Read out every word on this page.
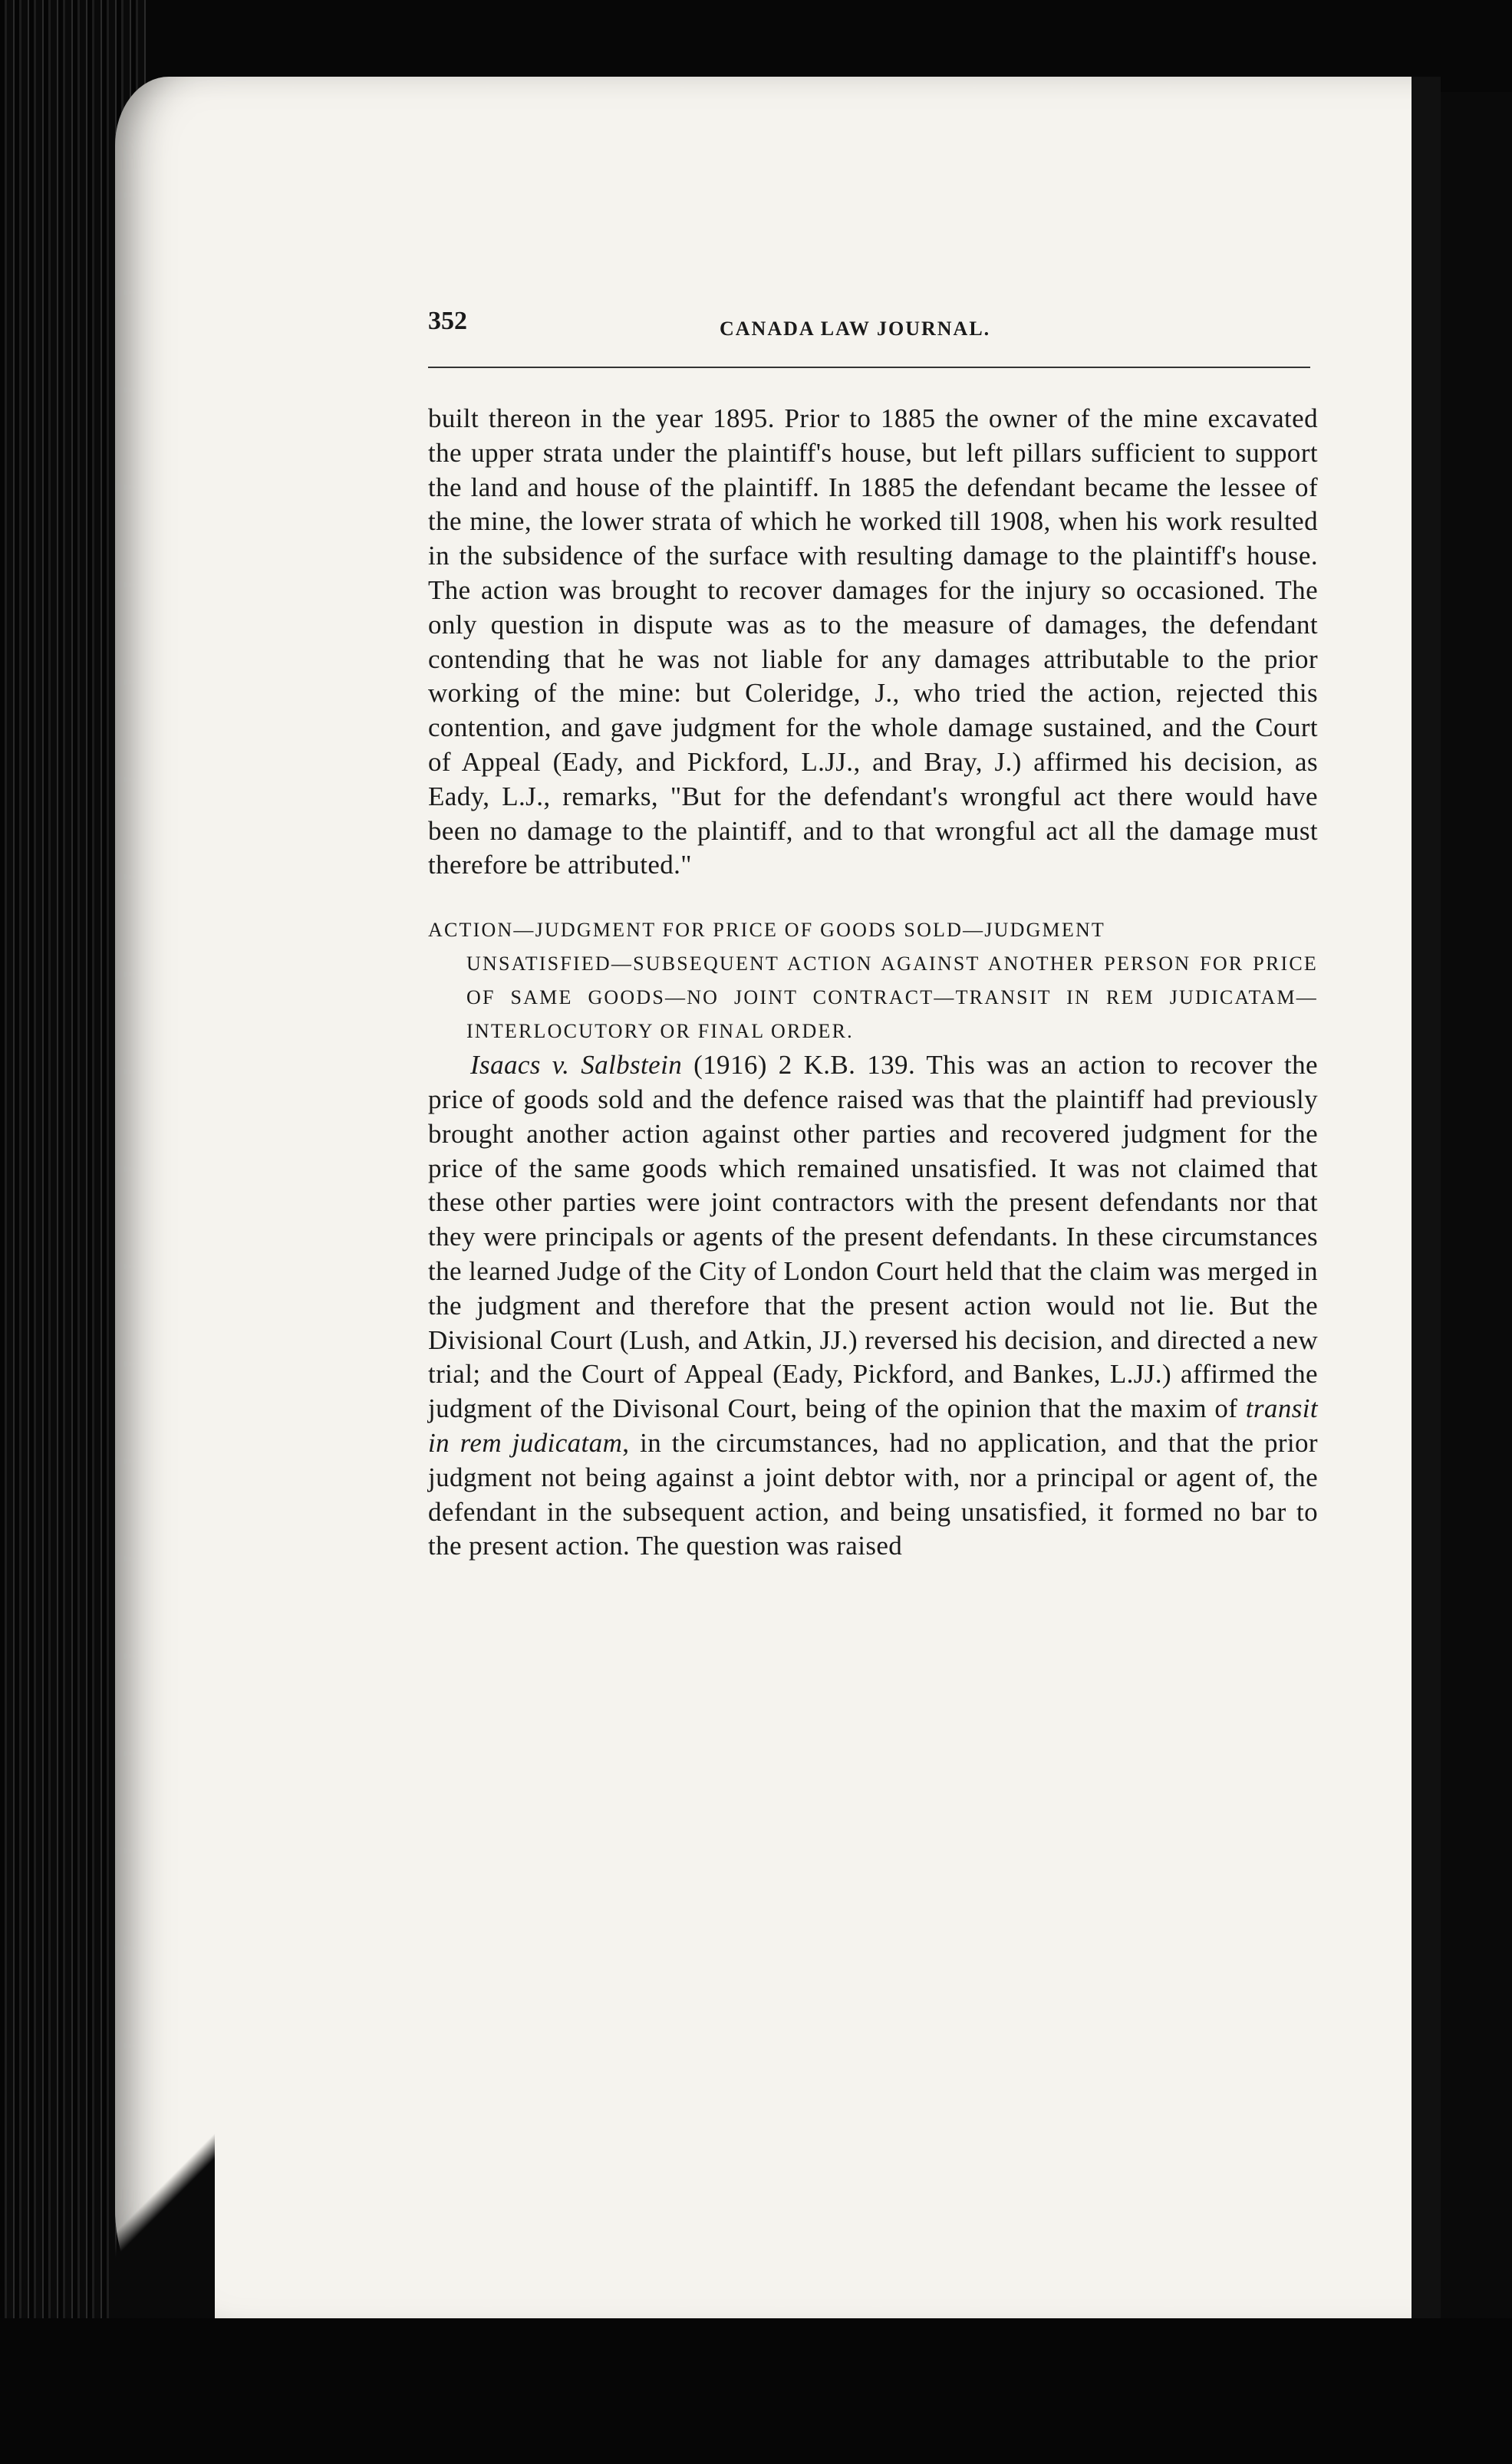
352	CANADA LAW JOURNAL.

built thereon in the year 1895. Prior to 1885 the owner of the mine excavated the upper strata under the plaintiff's house, but left pillars sufficient to support the land and house of the plaintiff. In 1885 the defendant became the lessee of the mine, the lower strata of which he worked till 1908, when his work resulted in the subsidence of the surface with resulting damage to the plaintiff's house. The action was brought to recover damages for the injury so occasioned. The only question in dispute was as to the measure of damages, the defendant contending that he was not liable for any damages attributable to the prior working of the mine: but Coleridge, J., who tried the action, rejected this contention, and gave judgment for the whole damage sustained, and the Court of Appeal (Eady, and Pickford, L.JJ., and Bray, J.) affirmed his decision, as Eady, L.J., remarks, "But for the defendant's wrongful act there would have been no damage to the plaintiff, and to that wrongful act all the damage must therefore be attributed."

ACTION—JUDGMENT FOR PRICE OF GOODS SOLD—JUDGMENT
UNSATISFIED—SUBSEQUENT ACTION AGAINST ANOTHER PERSON FOR PRICE OF SAME GOODS—NO JOINT CONTRACT—TRANSIT IN REM JUDICATAM—INTERLOCUTORY OR FINAL ORDER.

Isaacs v. Salbstein (1916) 2 K.B. 139. This was an action to recover the price of goods sold and the defence raised was that the plaintiff had previously brought another action against other parties and recovered judgment for the price of the same goods which remained unsatisfied. It was not claimed that these other parties were joint contractors with the present defendants nor that they were principals or agents of the present defendants. In these circumstances the learned Judge of the City of London Court held that the claim was merged in the judgment and therefore that the present action would not lie. But the Divisional Court (Lush, and Atkin, JJ.) reversed his decision, and directed a new trial; and the Court of Appeal (Eady, Pickford, and Bankes, L.JJ.) affirmed the judgment of the Divisonal Court, being of the opinion that the maxim of transit in rem judicatam, in the circumstances, had no application, and that the prior judgment not being against a joint debtor with, nor a principal or agent of, the defendant in the subsequent action, and being unsatisfied, it formed no bar to the present action. The question was raised
